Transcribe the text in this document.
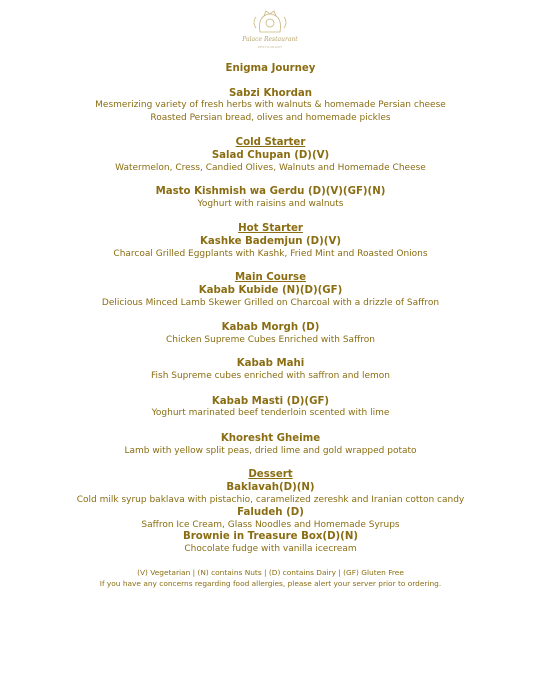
Palace Restaurant
RESTAURANT
Enigma Journey
Sabzi Khordan
Mesmerizing variety of fresh herbs with walnuts & homemade Persian cheese
Roasted Persian bread, olives and homemade pickles
Cold Starter
Salad Chupan (D)(V)
Watermelon, Cress, Candied Olives, Walnuts and Homemade Cheese
Masto Kishmish wa Gerdu (D)(V)(GF)(N)
Yoghurt with raisins and walnuts
Hot Starter
Kashke Bademjun (D)(V)
Charcoal Grilled Eggplants with Kashk, Fried Mint and Roasted Onions
Main Course
Kabab Kubide (N)(D)(GF)
Delicious Minced Lamb Skewer Grilled on Charcoal with a drizzle of Saffron
Kabab Morgh (D)
Chicken Supreme Cubes Enriched with Saffron
Kabab Mahi
Fish Supreme cubes enriched with saffron and lemon
Kabab Masti (D)(GF)
Yoghurt marinated beef tenderloin scented with lime
Khoresht Gheime
Lamb with yellow split peas, dried lime and gold wrapped potato
Dessert
Baklavah(D)(N)
Cold milk syrup baklava with pistachio, caramelized zereshk and Iranian cotton candy
Faludeh (D)
Saffron Ice Cream, Glass Noodles and Homemade Syrups
Brownie in Treasure Box(D)(N)
Chocolate fudge with vanilla icecream
(V) Vegetarian | (N) contains Nuts | (D) contains Dairy | (GF) Gluten Free
If you have any concerns regarding food allergies, please alert your server prior to ordering.
